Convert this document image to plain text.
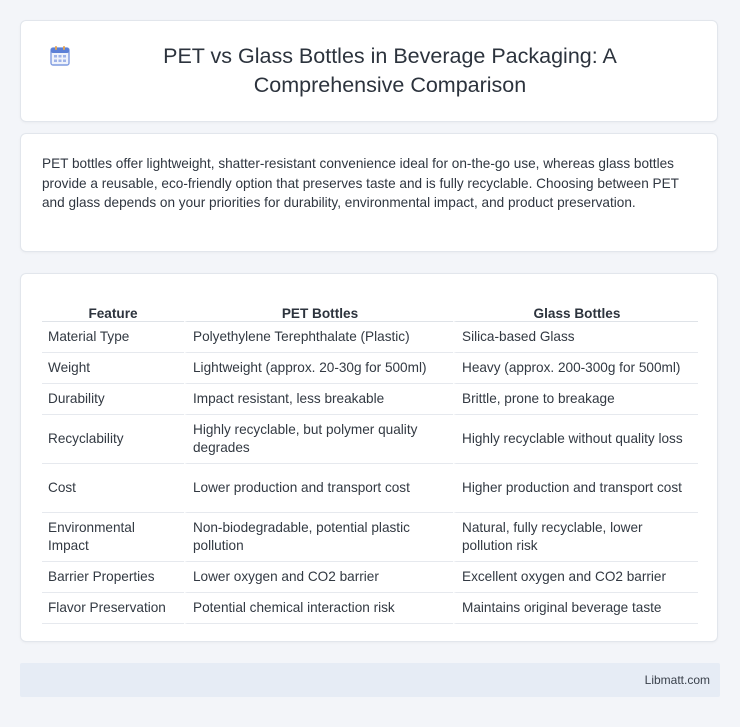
PET vs Glass Bottles in Beverage Packaging: A Comprehensive Comparison

PET bottles offer lightweight, shatter-resistant convenience ideal for on-the-go use, whereas glass bottles provide a reusable, eco-friendly option that preserves taste and is fully recyclable. Choosing between PET and glass depends on your priorities for durability, environmental impact, and product preservation.

Feature	PET Bottles	Glass Bottles
Material Type	Polyethylene Terephthalate (Plastic)	Silica-based Glass
Weight	Lightweight (approx. 20-30g for 500ml)	Heavy (approx. 200-300g for 500ml)
Durability	Impact resistant, less breakable	Brittle, prone to breakage
Recyclability	Highly recyclable, but polymer quality degrades	Highly recyclable without quality loss
Cost	Lower production and transport cost	Higher production and transport cost
Environmental Impact	Non-biodegradable, potential plastic pollution	Natural, fully recyclable, lower pollution risk
Barrier Properties	Lower oxygen and CO2 barrier	Excellent oxygen and CO2 barrier
Flavor Preservation	Potential chemical interaction risk	Maintains original beverage taste
Libmatt.com
